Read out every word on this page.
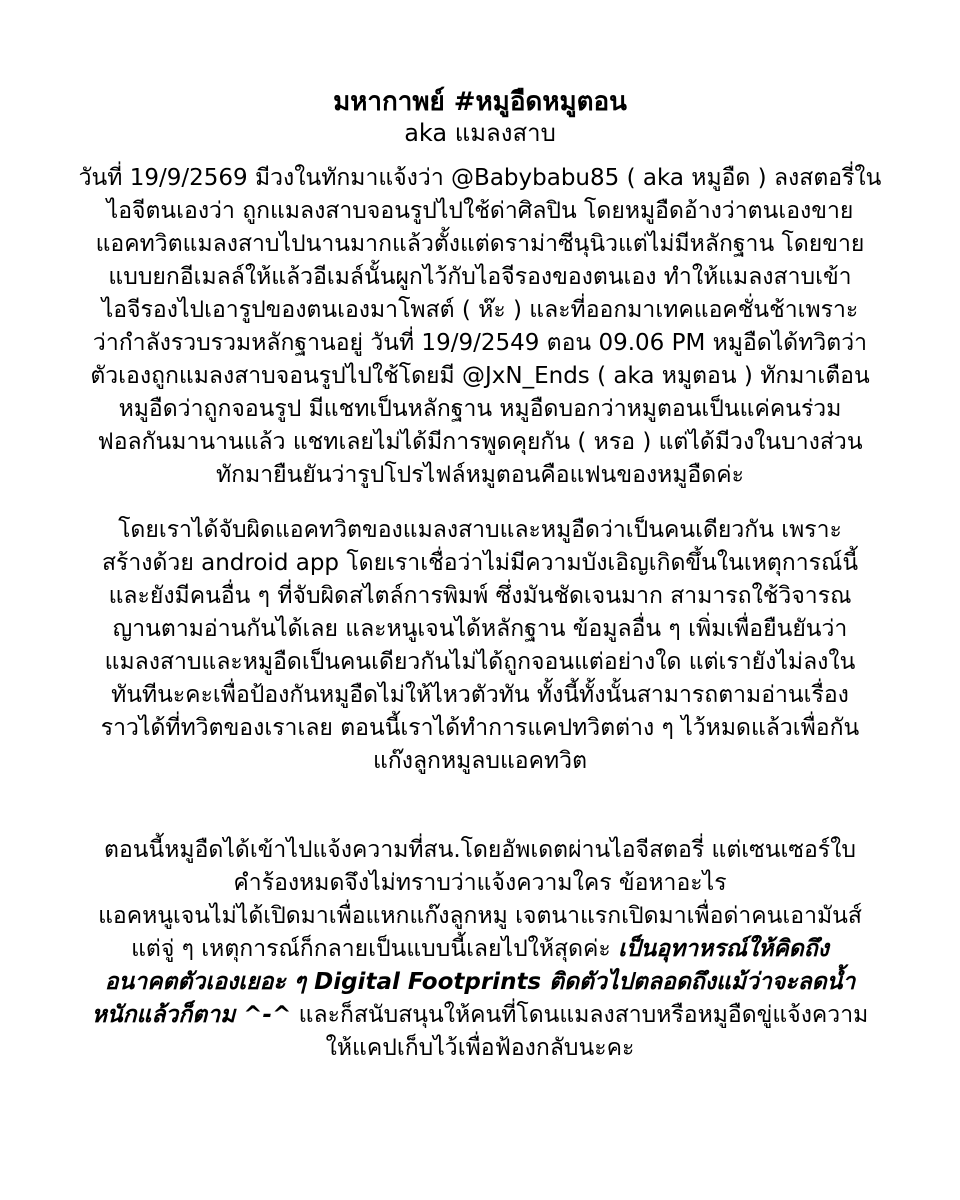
มหากาพย์ #หมูอืดหมูตอน
aka แมลงสาบ
วันที่ 19/9/2569 มีวงในทักมาแจ้งว่า @Babybabu85 ( aka หมูอืด ) ลงสตอรี่ใน
ไอจีตนเองว่า ถูกแมลงสาบจอนรูปไปใช้ด่าศิลปิน โดยหมูอืดอ้างว่าตนเองขาย
แอคทวิตแมลงสาบไปนานมากแล้วตั้งแต่ดราม่าซีนุนิวแต่ไม่มีหลักฐาน โดยขาย
แบบยกอีเมลล์ให้แล้วอีเมล์นั้นผูกไว้กับไอจีรองของตนเอง ทำให้แมลงสาบเข้า
ไอจีรองไปเอารูปของตนเองมาโพสต์ ( ห๊ะ ) และที่ออกมาเทคแอคชั่นช้าเพราะ
ว่ากำลังรวบรวมหลักฐานอยู่ วันที่ 19/9/2549 ตอน 09.06 PM หมูอืดได้ทวิตว่า
ตัวเองถูกแมลงสาบจอนรูปไปใช้โดยมี @JxN_Ends ( aka หมูตอน ) ทักมาเตือน
หมูอืดว่าถูกจอนรูป มีแชทเป็นหลักฐาน หมูอืดบอกว่าหมูตอนเป็นแค่คนร่วม
ฟอลกันมานานแล้ว แชทเลยไม่ได้มีการพูดคุยกัน ( หรอ ) แต่ได้มีวงในบางส่วน
ทักมายืนยันว่ารูปโปรไฟล์หมูตอนคือแฟนของหมูอืดค่ะ
โดยเราได้จับผิดแอคทวิตของแมลงสาบและหมูอืดว่าเป็นคนเดียวกัน เพราะ
สร้างด้วย android app โดยเราเชื่อว่าไม่มีความบังเอิญเกิดขึ้นในเหตุการณ์นี้
และยังมีคนอื่น ๆ ที่จับผิดสไตล์การพิมพ์ ซึ่งมันชัดเจนมาก สามารถใช้วิจารณ
ญานตามอ่านกันได้เลย และหนูเจนได้หลักฐาน ข้อมูลอื่น ๆ เพิ่มเพื่อยืนยันว่า
แมลงสาบและหมูอืดเป็นคนเดียวกันไม่ได้ถูกจอนแต่อย่างใด แต่เรายังไม่ลงใน
ทันทีนะคะเพื่อป้องกันหมูอืดไม่ให้ไหวตัวทัน ทั้งนี้ทั้งนั้นสามารถตามอ่านเรื่อง
ราวได้ที่ทวิตของเราเลย ตอนนี้เราได้ทำการแคปทวิตต่าง ๆ ไว้หมดแล้วเพื่อกัน
แก๊งลูกหมูลบแอคทวิต
ตอนนี้หมูอืดได้เข้าไปแจ้งความที่สน.โดยอัพเดตผ่านไอจีสตอรี่ แต่เซนเซอร์ใบ
คำร้องหมดจึงไม่ทราบว่าแจ้งความใคร ข้อหาอะไร
แอคหนูเจนไม่ได้เปิดมาเพื่อแหกแก๊งลูกหมู เจตนาแรกเปิดมาเพื่อด่าคนเอามันส์
แต่จู่ ๆ เหตุการณ์ก็กลายเป็นแบบนี้เลยไปให้สุดค่ะ เป็นอุทาหรณ์ให้คิดถึง
อนาคตตัวเองเยอะ ๆ Digital Footprints ติดตัวไปตลอดถึงแม้ว่าจะลดน้ำ
หนักแล้วก็ตาม ^-^ และก็สนับสนุนให้คนที่โดนแมลงสาบหรือหมูอืดขู่แจ้งความ
ให้แคปเก็บไว้เพื่อฟ้องกลับนะคะ
